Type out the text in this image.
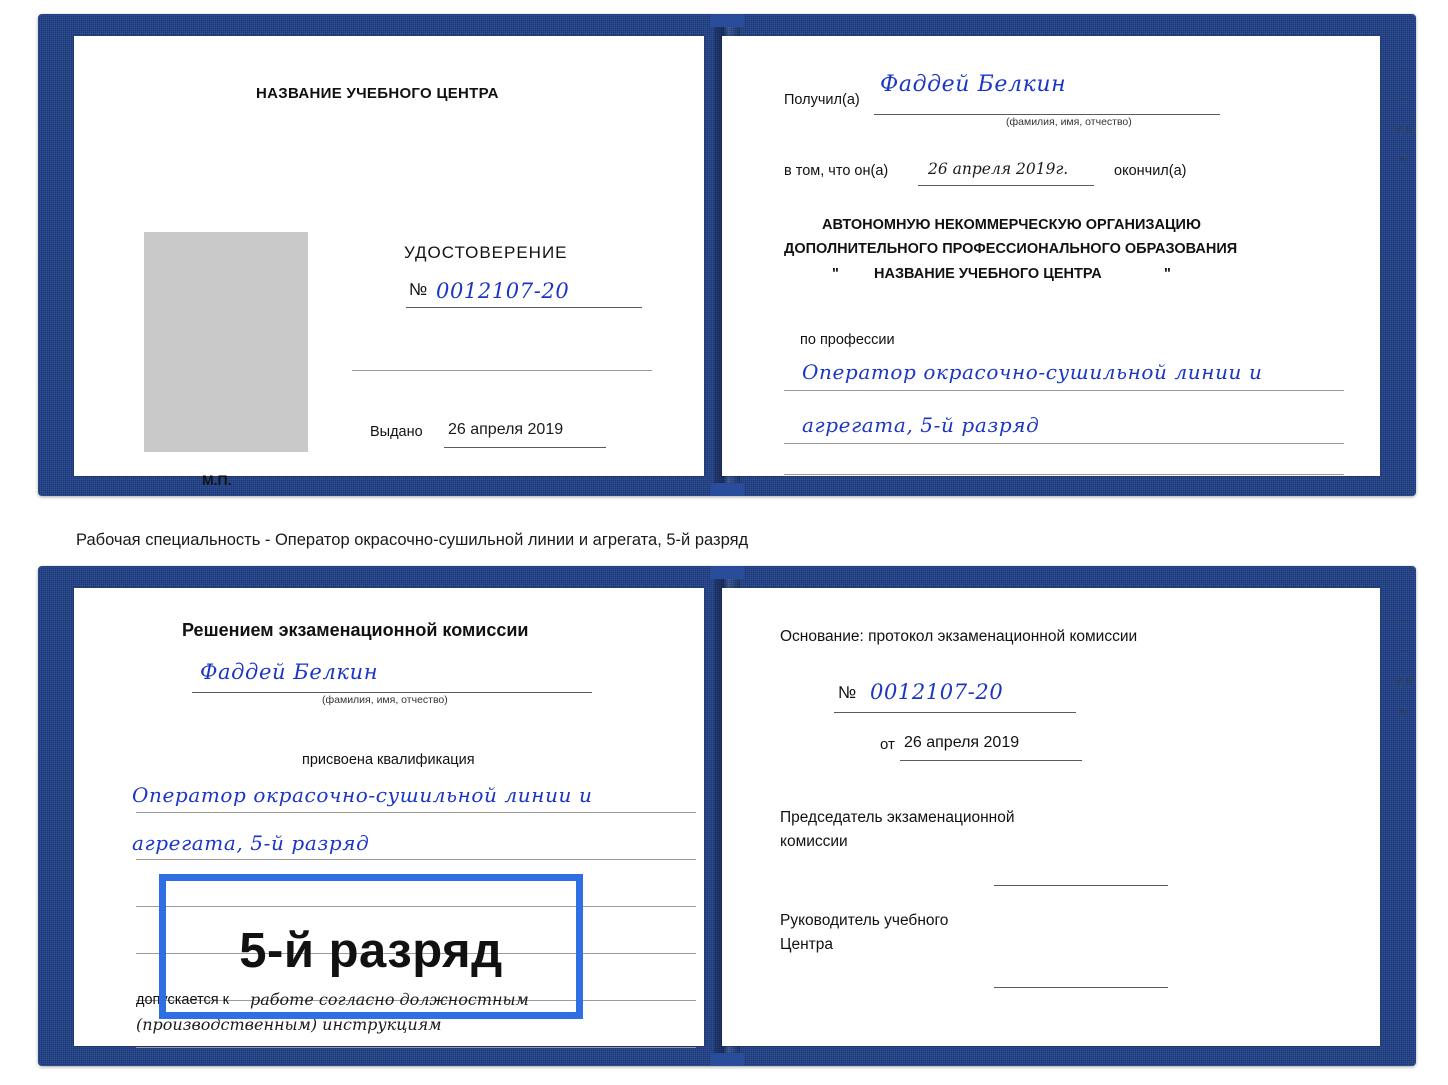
НАЗВАНИЕ УЧЕБНОГО ЦЕНТРА
УДОСТОВЕРЕНИЕ
№ 0012107-20
Выдано 26 апреля 2019
М.П.
Получил(а)
Фаддей Белкин
(фамилия, имя, отчество)
в том, что он(а)	26 апреля 2019г.	окончил(а)
АВТОНОМНУЮ НЕКОММЕРЧЕСКУЮ ОРГАНИЗАЦИЮ
ДОПОЛНИТЕЛЬНОГО ПРОФЕССИОНАЛЬНОГО ОБРАЗОВАНИЯ
" НАЗВАНИЕ УЧЕБНОГО ЦЕНТРА	"
по профессии
Оператор окрасочно-сушильной линии и
агрегата, 5-й разряд
— — и а к-
Рабочая специальность - Оператор окрасочно-сушильной линии и агрегата, 5-й разряд
Решением экзаменационной комиссии
Фаддей Белкин
(фамилия, имя, отчество)
присвоена квалификация
Оператор окрасочно-сушильной линии и
агрегата, 5-й разряд
допускается к работе согласно должностным
(производственным) инструкциям
Основание: протокол экзаменационной комиссии
№ 0012107-20
от 26 апреля 2019
Председатель экзаменационной
комиссии
Руководитель учебного
Центра
— — и а к-
5-й разряд
